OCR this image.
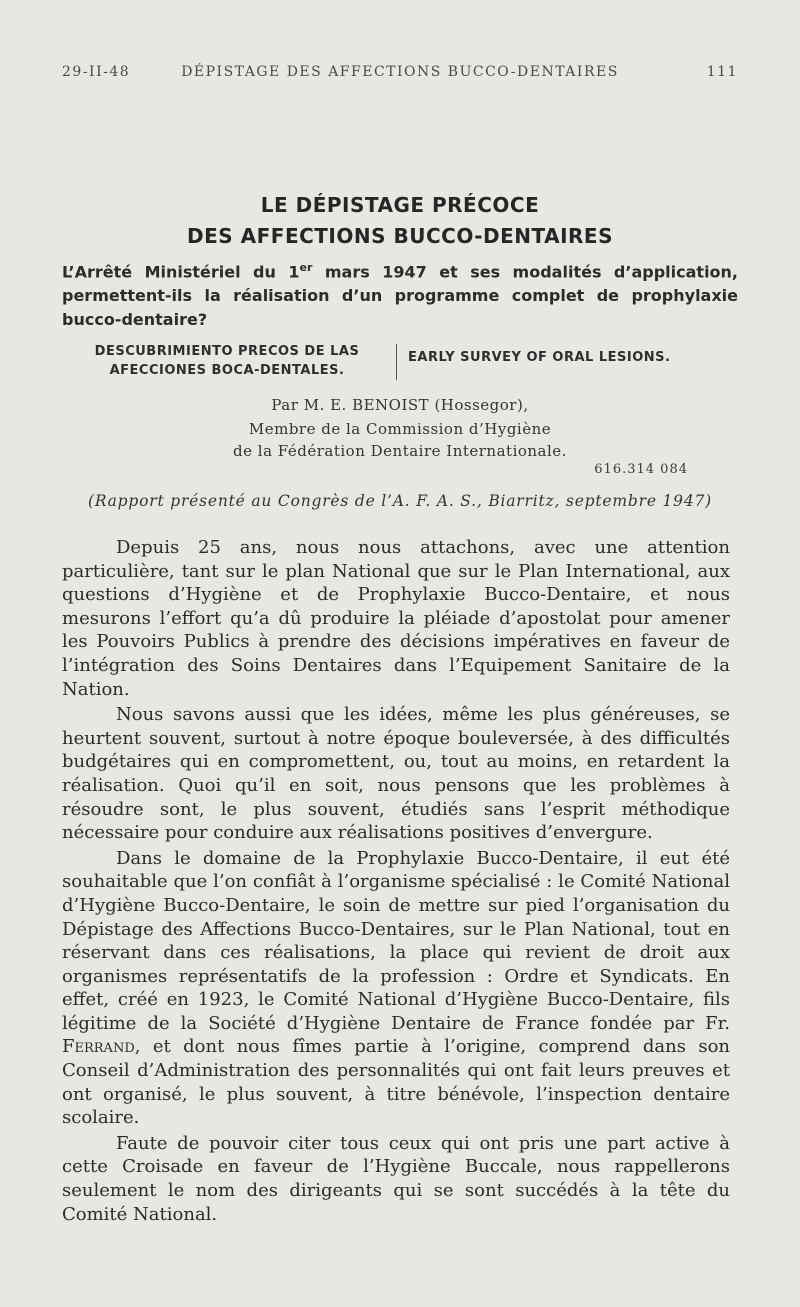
29-II-48	DÉPISTAGE DES AFFECTIONS BUCCO-DENTAIRES	111
LE DÉPISTAGE PRÉCOCE
DES AFFECTIONS BUCCO-DENTAIRES
L’Arrêté Ministériel du 1er mars 1947 et ses modalités d’application,
permettent-ils la réalisation d’un programme complet de prophylaxie
bucco-dentaire?
DESCUBRIMIENTO PRECOS DE LAS
AFECCIONES BOCA-DENTALES.
EARLY SURVEY OF ORAL LESIONS.
Par M. E. BENOIST (Hossegor),
Membre de la Commission d’Hygiène
de la Fédération Dentaire Internationale.
616.314 084
(Rapport présenté au Congrès de l’A. F. A. S., Biarritz, septembre 1947)

Depuis 25 ans, nous nous attachons, avec une attention particulière, tant sur le plan National que sur le Plan International, aux questions d’Hygiène et de Prophylaxie Bucco-Dentaire, et nous mesurons l’effort qu’a dû produire la pléiade d’apostolat pour amener les Pouvoirs Publics à prendre des décisions impératives en faveur de l’intégration des Soins Dentaires dans l’Equipement Sanitaire de la Nation.

Nous savons aussi que les idées, même les plus généreuses, se heurtent souvent, surtout à notre époque bouleversée, à des difficultés budgétaires qui en compromettent, ou, tout au moins, en retardent la réalisation. Quoi qu’il en soit, nous pensons que les problèmes à résoudre sont, le plus souvent, étudiés sans l’esprit méthodique nécessaire pour conduire aux réalisations positives d’envergure.

Dans le domaine de la Prophylaxie Bucco-Dentaire, il eut été souhaitable que l’on confiât à l’organisme spécialisé : le Comité National d’Hygiène Bucco-Dentaire, le soin de mettre sur pied l’organisation du Dépistage des Affections Bucco-Dentaires, sur le Plan National, tout en réservant dans ces réalisations, la place qui revient de droit aux organismes représentatifs de la profession : Ordre et Syndicats. En effet, créé en 1923, le Comité National d’Hygiène Bucco-Dentaire, fils légitime de la Société d’Hygiène Dentaire de France fondée par Fr. Ferrand, et dont nous fîmes partie à l’origine, comprend dans son Conseil d’Administration des personnalités qui ont fait leurs preuves et ont organisé, le plus souvent, à titre bénévole, l’inspection dentaire scolaire.

Faute de pouvoir citer tous ceux qui ont pris une part active à cette Croisade en faveur de l’Hygiène Buccale, nous rappellerons seulement le nom des dirigeants qui se sont succédés à la tête du Comité National.
